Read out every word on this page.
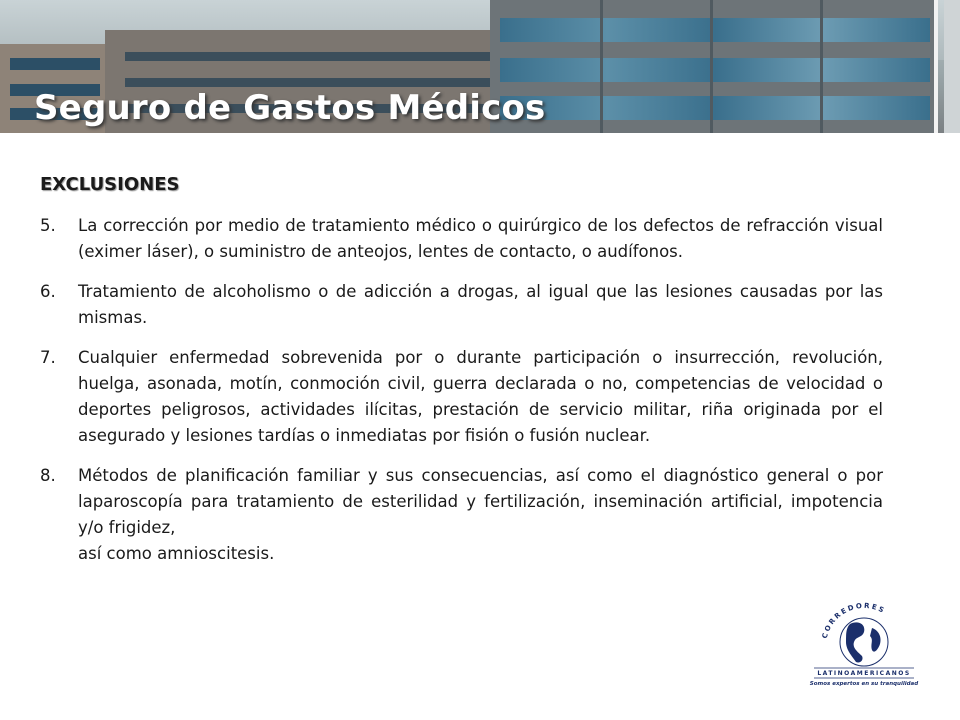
Seguro de Gastos Médicos
EXCLUSIONES
5.	La corrección por medio de tratamiento médico o quirúrgico de los defectos de refracción visual (eximer láser), o suministro de anteojos, lentes de contacto, o audífonos.
6.	Tratamiento de alcoholismo o de adicción a drogas, al igual que las lesiones causadas por las mismas.
7.	Cualquier enfermedad sobrevenida por o durante participación o insurrección, revolución, huelga, asonada, motín, conmoción civil, guerra declarada o no, competencias de velocidad o deportes peligrosos, actividades ilícitas, prestación de servicio militar, riña originada por el asegurado y lesiones tardías o inmediatas por fisión o fusión nuclear.
8.	Métodos de planificación familiar y sus consecuencias, así como el diagnóstico general o por laparoscopía para tratamiento de esterilidad y fertilización, inseminación artificial, impotencia y/o frigidez,
así como amnioscitesis.
CORREDORES
LATINOAMERICANOS
Somos expertos en su tranquilidad
